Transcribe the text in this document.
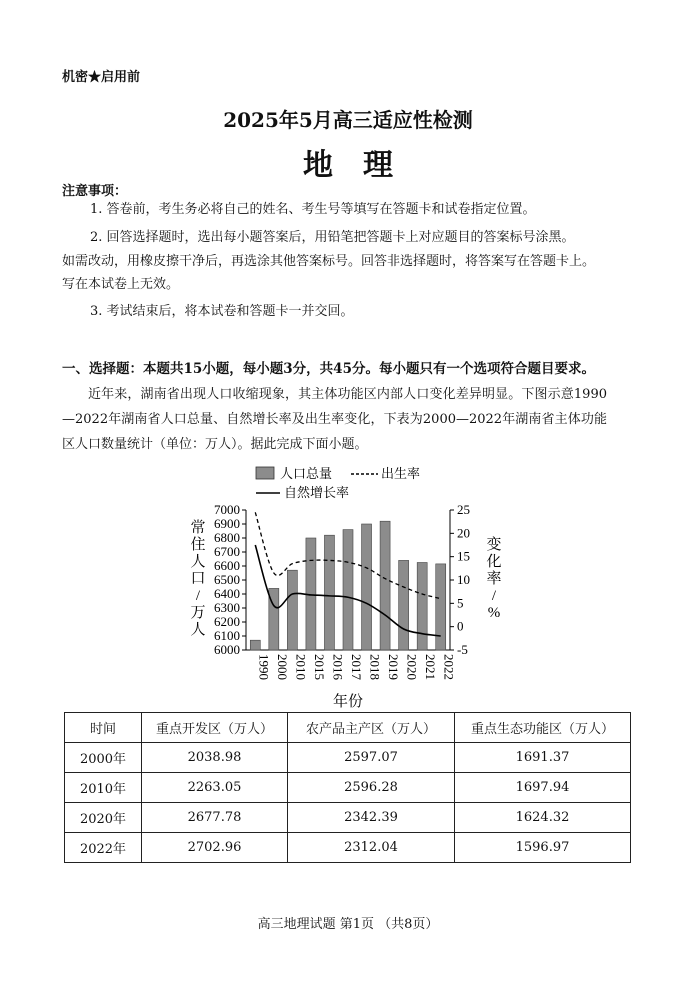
机密★启用前
2025年5月高三适应性检测
地理
注意事项：
1. 答卷前，考生务必将自己的姓名、考生号等填写在答题卡和试卷指定位置。
2. 回答选择题时，选出每小题答案后，用铅笔把答题卡上对应题目的答案标号涂黑。
如需改动，用橡皮擦干净后，再选涂其他答案标号。回答非选择题时，将答案写在答题卡上。
写在本试卷上无效。
3. 考试结束后，将本试卷和答题卡一并交回。
一、选择题：本题共15小题，每小题3分，共45分。每小题只有一个选项符合题目要求。
近年来，湖南省出现人口收缩现象，其主体功能区内部人口变化差异明显。下图示意1990—2022年湖南省人口总量、自然增长率及出生率变化，下表为2000—2022年湖南省主体功能区人口数量统计（单位：万人）。据此完成下面小题。
人口总量	出生率
自然增长率
6000
6100
6200
6300
6400
6500
6600
6700
6800
6900
7000
-5
0
5
10
15
20
25
1990 2000 2010 2015 2016 2017 2018 2019 2020 2021 2022
常住人口/万人
变化率/ %
年份
时间	重点开发区（万人）	农产品主产区（万人）	重点生态功能区（万人）
2000年	2038.98	2597.07	1691.37
2010年	2263.05	2596.28	1697.94
2020年	2677.78	2342.39	1624.32
2022年	2702.96	2312.04	1596.97
高三地理试题 第1页 （共8页）
